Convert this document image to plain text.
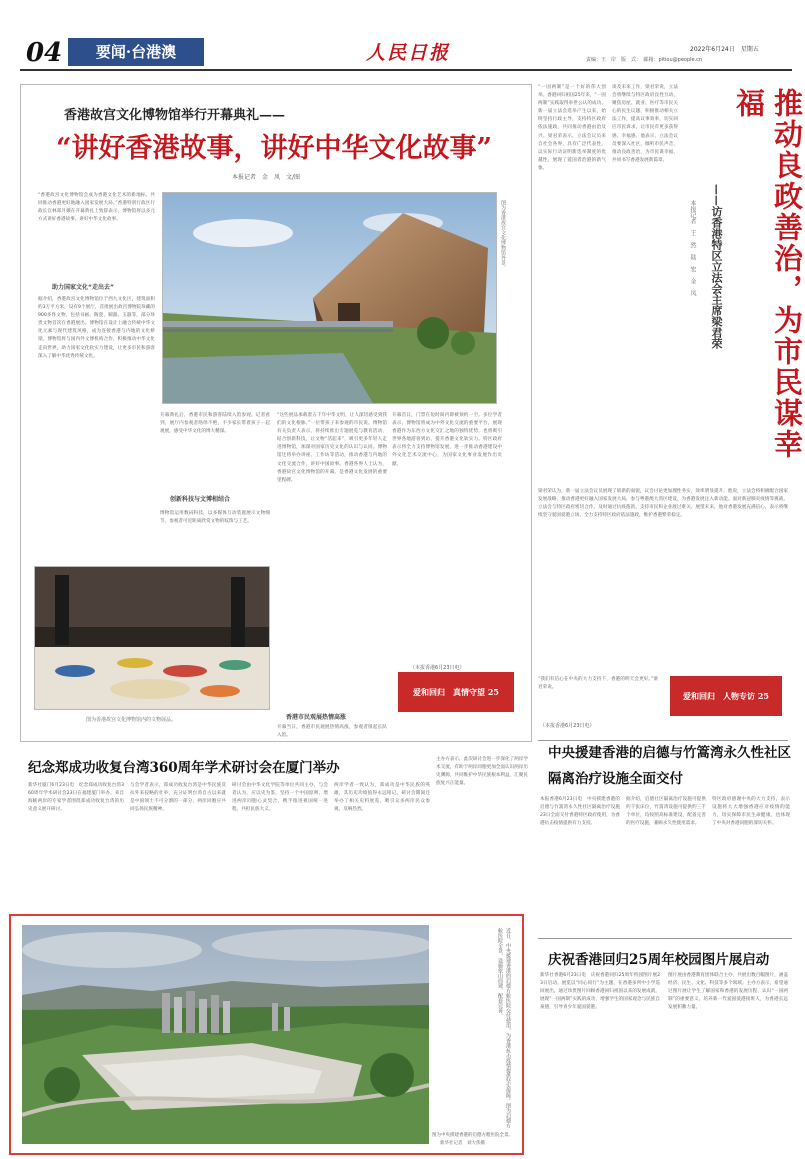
04	要闻·台港澳	人民日报	2022年6月24日　星期五
责编：王　岸　版　式：　邮箱：pitiou@people.cn
香港故宫文化博物馆举行开幕典礼——
“讲好香港故事，讲好中华文化故事”
本报记者　金　凤　文/图
“香港故宫文化博物馆会成为香港文化艺术的新地标，共同推动香港更好地融入国家发展大局。”香港特别行政区行政长官林郑月娥在开幕典礼上致辞表示，博物馆将以多元方式讲好香港故事、讲好中华文化故事。
助力国家文化“走出去”
据介绍，香港故宫文化博物馆位于西九文化区，建筑面积约3万平方米，设有9个展厅，首批展出故宫博物院珍藏的900多件文物，包括书画、陶瓷、铜器、玉器等，部分珍贵文物首次在香港展出。博物馆在设计上融合传统中华文化元素与现代建筑风格，成为连接香港与内地的文化桥梁。博物馆将与国内外文博机构合作，积极推动中华文化走向世界，助力国家文化软实力建设，让更多市民和游客深入了解中华优秀传统文化。
图为香港故宫文化博物馆外景。
开幕典礼后，香港市民和游客陆续入馆参观。记者看到，展厅内参观者络绎不绝，不少家长带着孩子一起观展，感受中华文化的博大精深。
创新科技与文博相结合
博物馆运用数码科技，以多媒体互动装置展示文物细节，参观者可近距离欣赏文物的纹饰与工艺。
“这些展品承载着五千年中华文明，让人深切感受到我们的文化根脉。”一位带孩子来参观的市民说。博物馆有关负责人表示，将持续推出专题展览与教育活动，结合创新科技，让文物“活起来”，吸引更多年轻人走进博物馆，加深对国家历史文化的认识与认同。博物馆还将举办讲座、工作坊等活动，推动香港与内地的文化交流合作，讲好中国故事。香港各界人士认为，香港故宫文化博物馆的开幕，是香港文化发展的重要里程碑。
开幕首日，门票在短时间内即被预约一空。多位学者表示，博物馆将成为中外文化交流的重要平台，展现香港作为东西方文化交汇之地的独特优势，也将吸引世界各地游客到访，提升香港文化软实力。特区政府表示将全力支持博物馆发展，进一步推动香港建设中外文化艺术交流中心，为国家文化事业发展作出贡献。
（本报香港6月23日电）
爱和回归　真情守望 25
图为香港故宫文化博物馆内的文物展品。	香港市民观展热情高涨
开幕当日，香港市民观展热情高涨，参观者排起长队入馆。
推动良政善治，为市民谋幸福
——访香港特区立法会主席梁君荣
本报记者　王　然　陆　宏　金　凤
“一国两制”是一个好的伟大创举。香港回归祖国25年来，“一国两制”实践取得举世公认的成功。新一届立法会选举产生以来，始终坚持行政主导，支持特区政府依法施政，共同推动香港由治及兴。梁君荣表示，立法会议员来自社会各界，具有广泛代表性，以实际行动证明新选举制度的优越性，展现了爱国者治港的新气象。
谈及未来工作，梁君荣说，立法会将继续与特区政府良性互动，聚焦房屋、就业、医疗等市民关心的民生议题，积极推动相关立法工作，提高议事效率，切实回应市民诉求，让市民有更多获得感、幸福感。他表示，立法会议员要深入社区，倾听市民声音，推动良政善治，为市民谋幸福，共同书写香港发展新篇章。
梁君荣认为，新一届立法会议员展现了崭新的面貌，议会讨论更加理性务实，效率明显提升。他说，立法会将积极配合国家发展战略，推动香港更好融入国家发展大局，参与粤港澳大湾区建设，为香港发展注入新动能。面对新冠肺炎疫情等挑战，立法会与特区政府密切合作，及时通过抗疫拨款，支持市民和企业渡过难关。展望未来，他对香港发展充满信心，表示将继续坚守爱国爱港立场，全力支持特区政府依法施政，维护香港繁荣稳定。
“我们有信心在中央的大力支持下，香港的明天会更好。”梁君荣说。
（本报香港6月23日电）
爱和回归　人物专访 25
纪念郑成功收复台湾360周年学术研讨会在厦门举办
新华社厦门6月23日电　纪念郑成功收复台湾360周年学术研讨会23日在福建厦门举办。来自海峡两岸的专家学者围绕郑成功收复台湾的历史意义展开研讨。
与会学者表示，郑成功收复台湾是中华民族反抗外来侵略的壮举，充分证明台湾自古以来就是中国领土不可分割的一部分，两岸同胞应共同弘扬民族精神。
研讨会由中华文化学院等单位共同主办，与会者认为，应以史为鉴，坚持一个中国原则，增进两岸同胞心灵契合，携手推进祖国统一进程，共担民族大义。
两岸学者一致认为，郑成功是中华民族的英雄，其历史功绩值得永远铭记。研讨会期间还举办了相关史料展览，吸引众多两岸民众参观，反响热烈。
主办方表示，此次研讨会进一步深化了两岸学术交流，有助于两岸同胞更加全面认识两岸历史渊源，共同维护中华民族根本利益，汇聚民族复兴正能量。
中央援建香港的启德与竹篙湾永久性社区隔离治疗设施全面交付
本报香港6月23日电　中央援建香港的启德与竹篙湾永久性社区隔离治疗设施23日全面交付香港特区政府使用，为香港抗击疫情提供有力支持。
据介绍，启德社区隔离治疗设施可提供约千张床位，竹篙湾设施可提供约三千个单位，均按照高标准建设，配备完善的医疗设施，兼顾永久性使用需求。
特区政府感谢中央的大力支持，表示设施将大大增强香港应对疫情的能力，切实保障市民生命健康，也体现了中央对香港同胞的深切关怀。
庆祝香港回归25周年校园图片展启动
新华社香港6月23日电　庆祝香港回归25周年校园图片展23日启动。展览以“同心同行”为主题，在香港多所中小学巡回展出，通过珍贵图片回顾香港回归祖国以来的发展成就，展现“一国两制”实践的成功，增强学生的国家观念与民族自豪感，引导青少年爱国爱港。
图片展由香港教育团体联合主办，共展出数百幅图片，涵盖经济、民生、文化、科技等多个领域。主办方表示，希望通过图片展让学生了解国家和香港的发展历程，认识“一国两制”的重要意义，培养新一代爱国爱港接班人，为香港长远发展积蓄力量。
近日，中央援建香港的启德方舱医院交付使用，为香港抗击疫情提供坚实保障。图为启德方舱医院全景，设施依山而建，配套完善。
图为中央援建香港的启德方舱医院全景。
新华社记者　刘大伟摄
